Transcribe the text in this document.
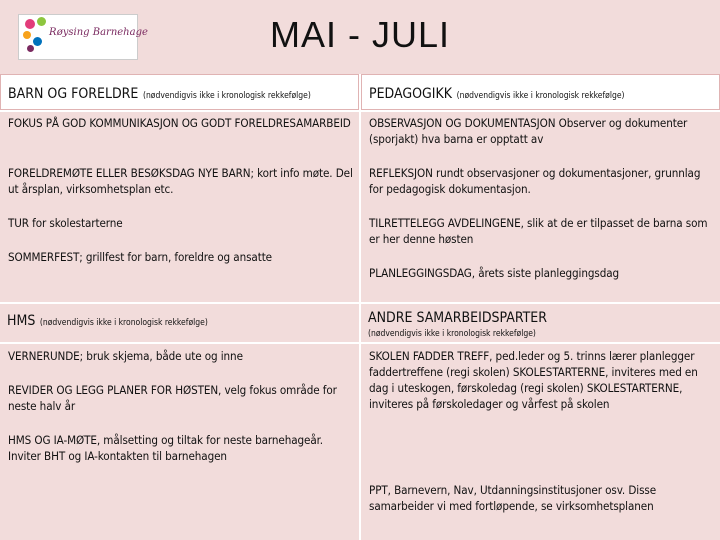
Røysing Barnehage	MAI - JULI
BARN OG FORELDRE (nødvendigvis ikke i kronologisk rekkefølge)	PEDAGOGIKK (nødvendigvis ikke i kronologisk rekkefølge)
FOKUS PÅ GOD KOMMUNIKASJON OG GODT FORELDRESAMARBEID
FORELDREMØTE ELLER BESØKSDAG NYE BARN; kort info møte. Del ut årsplan, virksomhetsplan etc.
TUR for skolestarterne
SOMMERFEST; grillfest for barn, foreldre og ansatte
OBSERVASJON OG DOKUMENTASJON Observer og dokumenter (sporjakt) hva barna er opptatt av
REFLEKSJON rundt observasjoner og dokumentasjoner, grunnlag for pedagogisk dokumentasjon.
TILRETTELEGG AVDELINGENE, slik at de er tilpasset de barna som er her denne høsten
PLANLEGGINGSDAG, årets siste planleggingsdag
HMS (nødvendigvis ikke i kronologisk rekkefølge)	ANDRE SAMARBEIDSPARTER
(nødvendigvis ikke i kronologisk rekkefølge)
VERNERUNDE; bruk skjema, både ute og inne
REVIDER OG LEGG PLANER FOR HØSTEN, velg fokus område for neste halv år
HMS OG IA-MØTE, målsetting og tiltak for neste barnehageår. Inviter BHT og IA-kontakten til barnehagen
SKOLEN FADDER TREFF, ped.leder og 5. trinns lærer planlegger faddertreffene (regi skolen) SKOLESTARTERNE, inviteres med en dag i uteskogen, førskoledag (regi skolen) SKOLESTARTERNE, inviteres på førskoledager og vårfest på skolen
PPT, Barnevern, Nav, Utdanningsinstitusjoner osv. Disse samarbeider vi med fortløpende, se virksomhetsplanen
